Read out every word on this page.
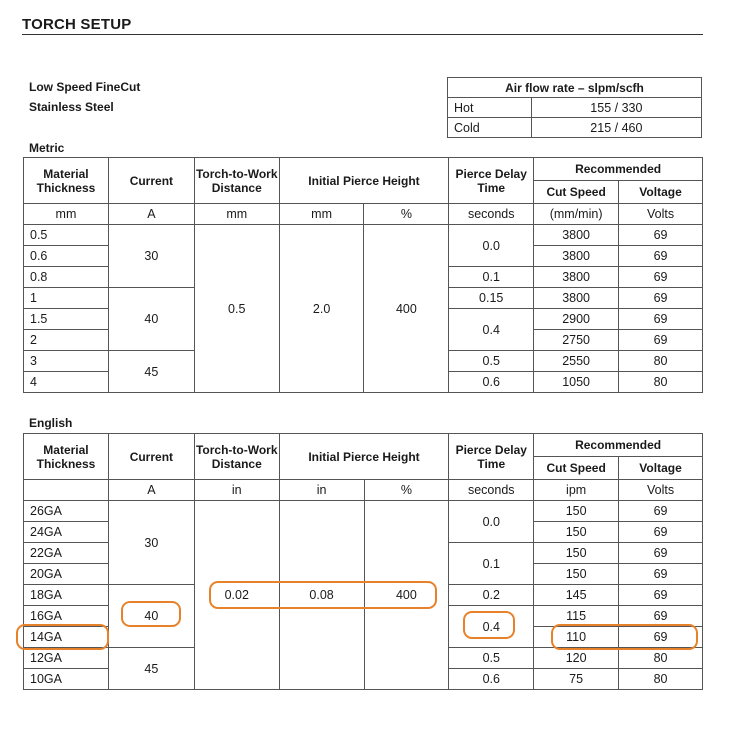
TORCH SETUP
Low Speed FineCut
Stainless Steel
Air flow rate – slpm/scfh	
Hot	155 / 330
Cold	215 / 460
Metric
Material Thickness	Current	Torch-to-Work Distance	Initial Pierce Height		Pierce Delay Time	Recommended	
						Cut Speed	Voltage
mm	A	mm	mm	%	seconds	(mm/min)	Volts
0.5	30	0.5	2.0	400	0.0	3800	69
0.6						3800	69
0.8					0.1	3800	69
1	40				0.15	3800	69
1.5					0.4	2900	69
2						2750	69
3	45				0.5	2550	80
4					0.6	1050	80
English
Material Thickness	Current	Torch-to-Work Distance	Initial Pierce Height		Pierce Delay Time	Recommended	
						Cut Speed	Voltage
	A	in	in	%	seconds	ipm	Volts
26GA	30	0.02	0.08	400	0.0	150	69
24GA						150	69
22GA					0.1	150	69
20GA						150	69
18GA	40				0.2	145	69
16GA					0.4	115	69
14GA						110	69
12GA	45				0.5	120	80
10GA					0.6	75	80
